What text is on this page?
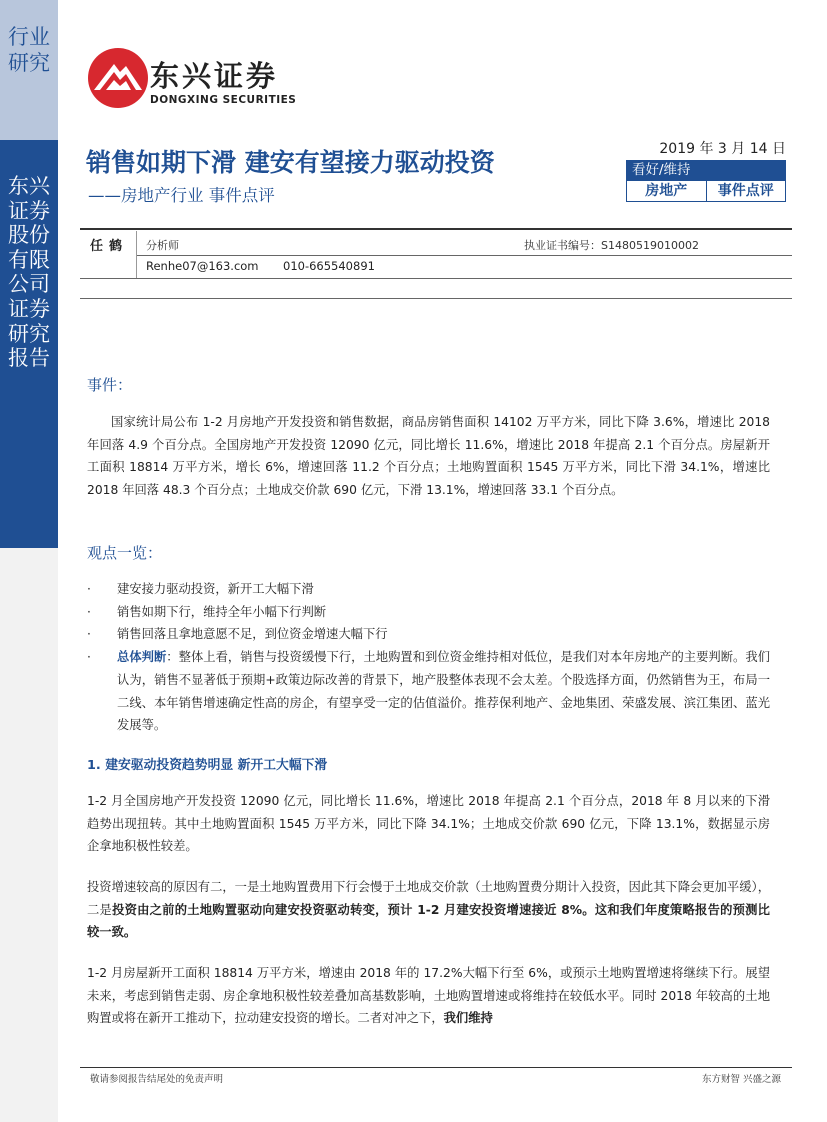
行业研究
东兴证券股份有限公司证券研究报告
东兴证券
DONGXING SECURITIES
销售如期下滑 建安有望接力驱动投资
——房地产行业 事件点评
2019 年 3 月 14 日
看好/维持
房地产	事件点评
任鹤 分析师	执业证书编号：S1480519010002
Renhe07@163.com 010-665540891
事件：

国家统计局公布 1-2 月房地产开发投资和销售数据，商品房销售面积 14102 万平方米，同比下降 3.6%，增速比 2018 年回落 4.9 个百分点。全国房地产开发投资 12090 亿元，同比增长 11.6%，增速比 2018 年提高 2.1 个百分点。房屋新开工面积 18814 万平方米，增长 6%，增速回落 11.2 个百分点；土地购置面积 1545 万平方米，同比下滑 34.1%，增速比 2018 年回落 48.3 个百分点；土地成交价款 690 亿元，下滑 13.1%，增速回落 33.1 个百分点。

观点一览：
· 建安接力驱动投资，新开工大幅下滑
· 销售如期下行，维持全年小幅下行判断
· 销售回落且拿地意愿不足，到位资金增速大幅下行
· 总体判断：整体上看，销售与投资缓慢下行，土地购置和到位资金维持相对低位，是我们对本年房地产的主要判断。我们认为，销售不显著低于预期+政策边际改善的背景下，地产股整体表现不会太差。个股选择方面，仍然销售为王，布局一二线、本年销售增速确定性高的房企，有望享受一定的估值溢价。推荐保利地产、金地集团、荣盛发展、滨江集团、蓝光发展等。
1. 建安驱动投资趋势明显 新开工大幅下滑

1-2 月全国房地产开发投资 12090 亿元，同比增长 11.6%，增速比 2018 年提高 2.1 个百分点，2018 年 8 月以来的下滑趋势出现扭转。其中土地购置面积 1545 万平方米，同比下降 34.1%；土地成交价款 690 亿元，下降 13.1%，数据显示房企拿地积极性较差。

投资增速较高的原因有二，一是土地购置费用下行会慢于土地成交价款（土地购置费分期计入投资，因此其下降会更加平缓），二是投资由之前的土地购置驱动向建安投资驱动转变，预计 1-2 月建安投资增速接近 8%。这和我们年度策略报告的预测比较一致。

1-2 月房屋新开工面积 18814 万平方米，增速由 2018 年的 17.2%大幅下行至 6%，或预示土地购置增速将继续下行。展望未来，考虑到销售走弱、房企拿地积极性较差叠加高基数影响，土地购置增速或将维持在较低水平。同时 2018 年较高的土地购置或将在新开工推动下，拉动建安投资的增长。二者对冲之下，我们维持

敬请参阅报告结尾处的免责声明	东方财智 兴盛之源
